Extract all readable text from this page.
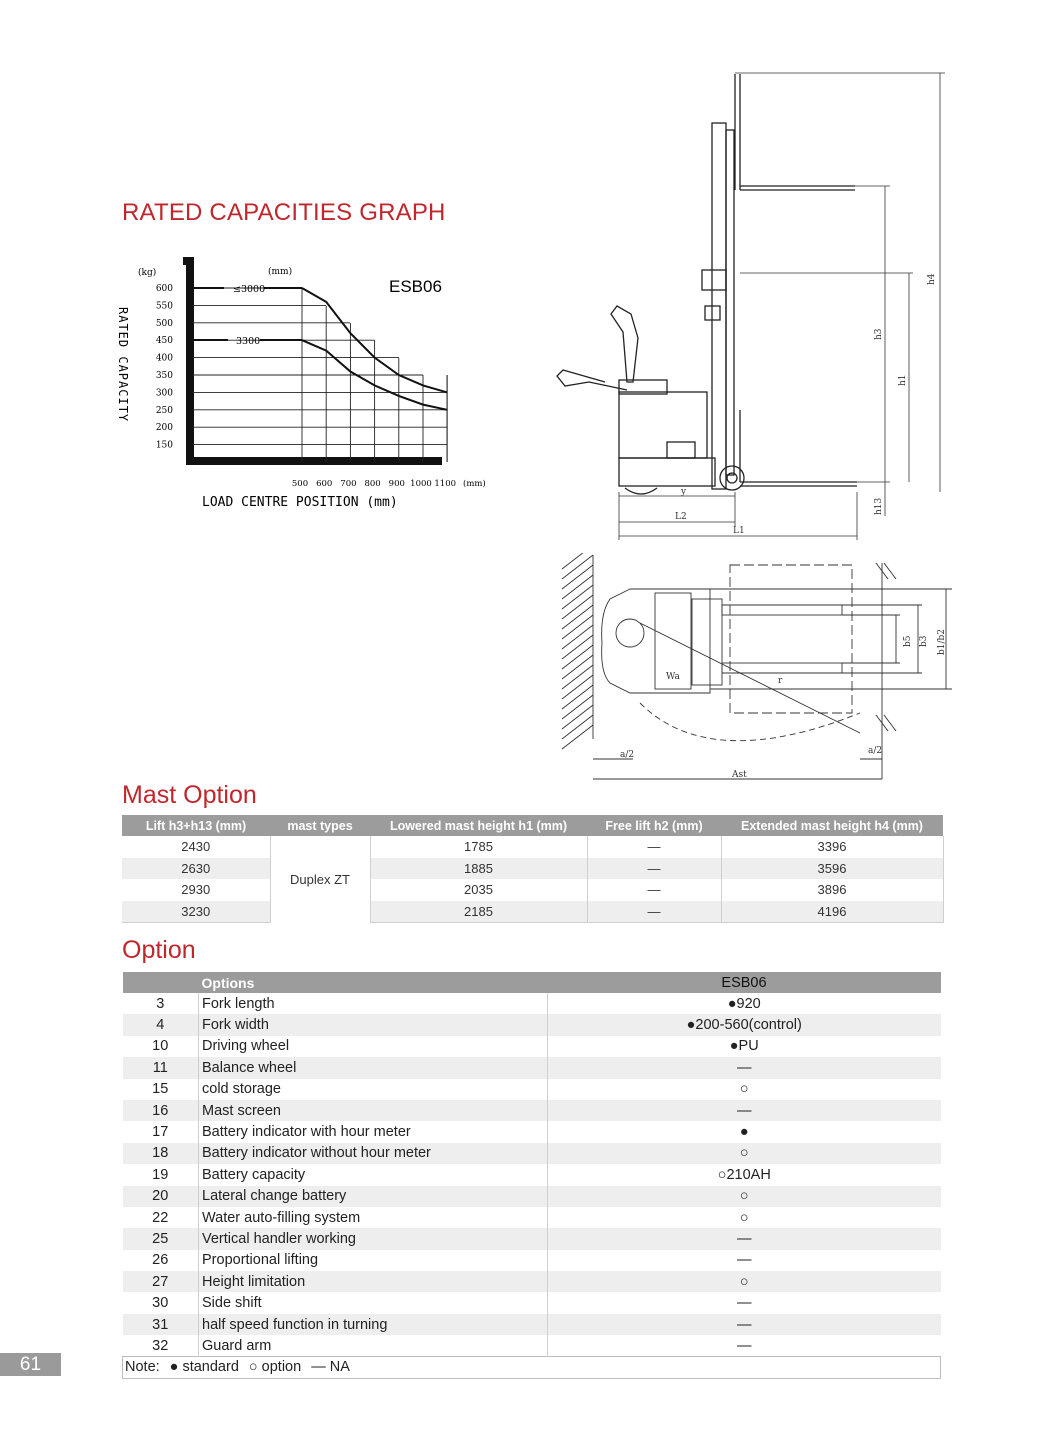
RATED CAPACITIES GRAPH
(kg)
600
550
500
450
400
350
300
250
200
150
(mm)
≤3000
3300
ESB06
500 600 700 800 900 1000 1100 (mm)
LOAD CENTRE POSITION (mm)
RATED CAPACITY
h4
h3
h1
h13
y
L2
L1
b5 b3 b1/b2
Wa	r
a/2	a/2
Ast
Mast Option
Lift h3+h13 (mm)	mast types	Lowered mast height h1 (mm)	Free lift h2 (mm)	Extended mast height h4 (mm)
2430	Duplex ZT	1785	—	3396
2630		1885	—	3596
2930		2035	—	3896
3230		2185	—	4196
Option
	Options	ESB06
3	Fork length	●920
4	Fork width	●200-560(control)
10	Driving wheel	●PU
11	Balance wheel	—
15	cold storage	○
16	Mast screen	—
17	Battery indicator with hour meter	●
18	Battery indicator without hour meter	○
19	Battery capacity	○210AH
20	Lateral change battery	○
22	Water auto-filling system	○
25	Vertical handler working	—
26	Proportional lifting	—
27	Height limitation	○
30	Side shift	—
31	half speed function in turning	—
32	Guard arm	—
Note: ● standard ○ option — NA		
61
